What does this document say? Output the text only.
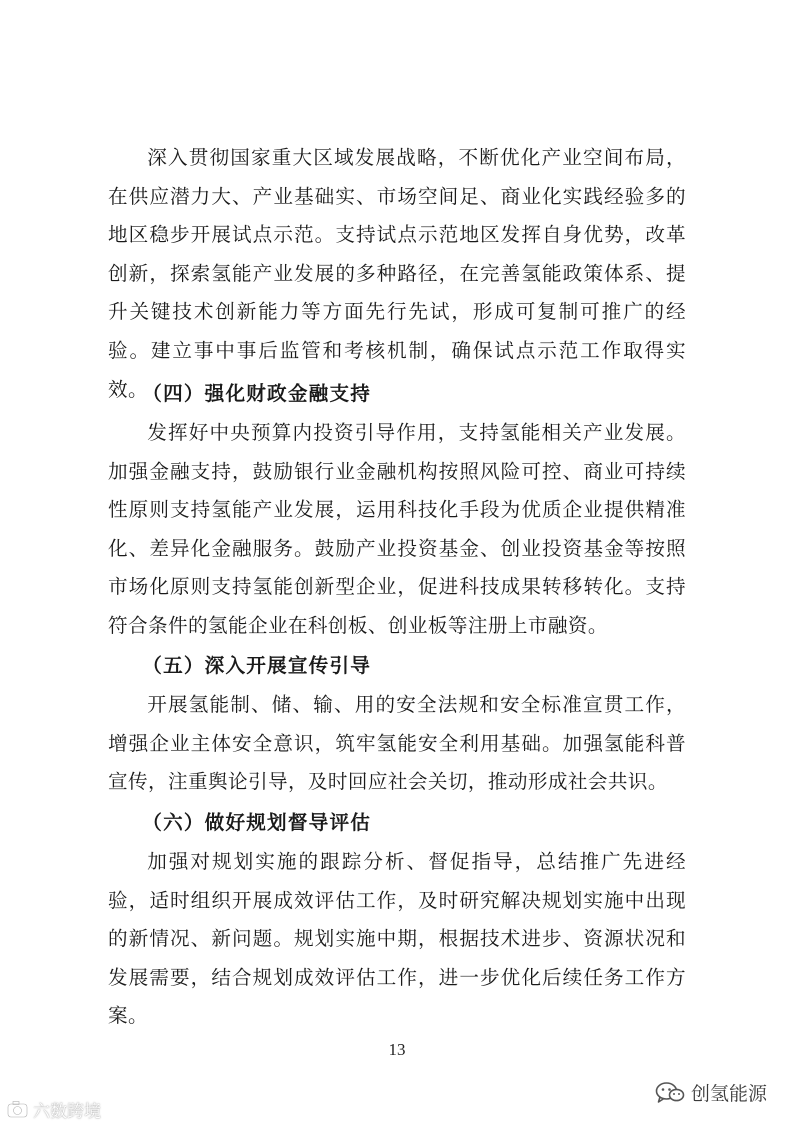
深入贯彻国家重大区域发展战略，不断优化产业空间布局，在供应潜力大、产业基础实、市场空间足、商业化实践经验多的地区稳步开展试点示范。支持试点示范地区发挥自身优势，改革创新，探索氢能产业发展的多种路径，在完善氢能政策体系、提升关键技术创新能力等方面先行先试，形成可复制可推广的经验。建立事中事后监管和考核机制，确保试点示范工作取得实效。

（四）强化财政金融支持

发挥好中央预算内投资引导作用，支持氢能相关产业发展。加强金融支持，鼓励银行业金融机构按照风险可控、商业可持续性原则支持氢能产业发展，运用科技化手段为优质企业提供精准化、差异化金融服务。鼓励产业投资基金、创业投资基金等按照市场化原则支持氢能创新型企业，促进科技成果转移转化。支持符合条件的氢能企业在科创板、创业板等注册上市融资。

（五）深入开展宣传引导

开展氢能制、储、输、用的安全法规和安全标准宣贯工作，增强企业主体安全意识，筑牢氢能安全利用基础。加强氢能科普宣传，注重舆论引导，及时回应社会关切，推动形成社会共识。

（六）做好规划督导评估

加强对规划实施的跟踪分析、督促指导，总结推广先进经验，适时组织开展成效评估工作，及时研究解决规划实施中出现的新情况、新问题。规划实施中期，根据技术进步、资源状况和发展需要，结合规划成效评估工作，进一步优化后续任务工作方案。

13
创氢能源
六数跨境
